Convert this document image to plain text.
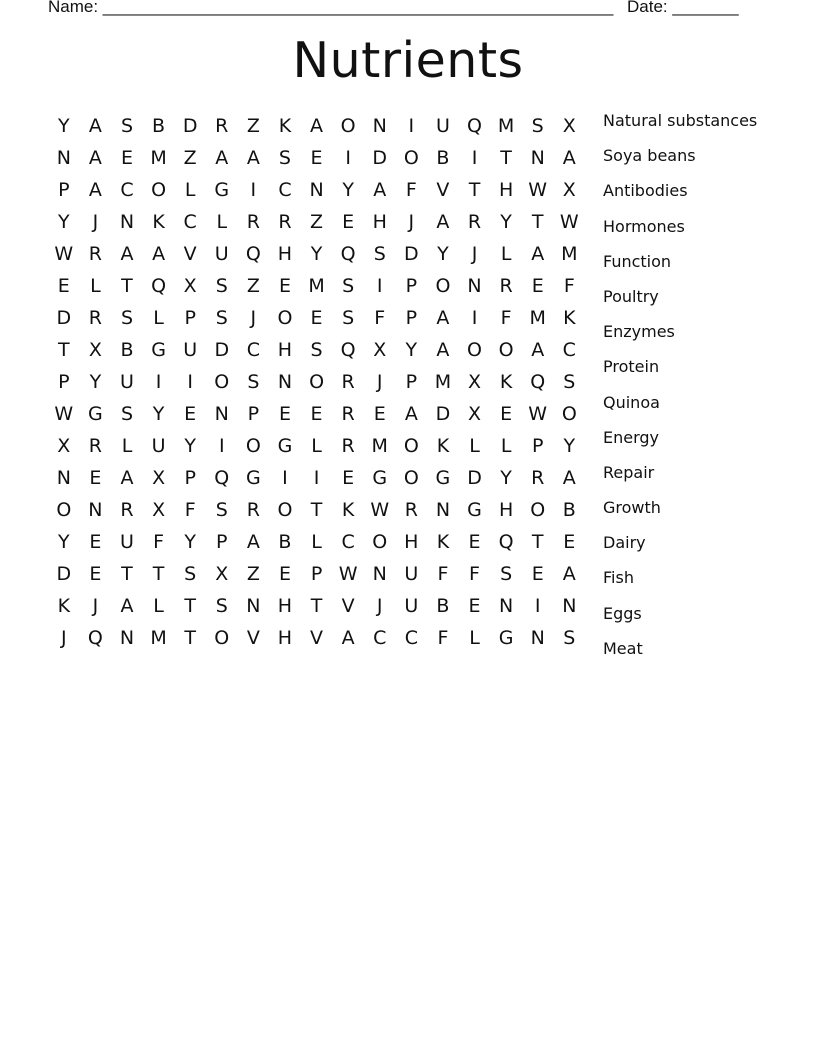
Name: ______________________________________________________ Date: _______
Nutrients
Y	A	S	B D R Z K A O N	I	U Q M S	X
N A	E M Z A A	S	E	I	D O B	I	T N A
P	A C O L G	I	C N Y	A	F	V	T H W X
Y	J	N K C	L	R R Z	E H	J	A R	Y	T W
W R A A V U Q H Y Q S D Y	J	L	A M
E	L	T Q X	S	Z	E M S	I	P O N R E	F
D R S	L	P	S	J	O E	S	F	P	A	I	F M K
T	X B G U D C H S Q X	Y	A O O A C
P	Y U	I	I	O S N O R	J	P M X K Q S
W G S	Y	E N P	E	E R E	A D X	E W O
X R	L	U Y	I	O G L	R M O K	L	L	P	Y
N E	A X	P Q G	I	I	E G O G D Y	R A
O N R X	F	S R O T	K W R N G H O B
Y	E U	F	Y	P	A B	L	C O H K	E Q T	E
D E	T	T	S	X Z	E	P W N U	F	F	S	E	A
K	J	A	L	T	S N H T	V	J	U B	E N	I	N
J	Q N M T O V H V A C C	F	L G N S
Natural substances
Soya beans
Antibodies
Hormones
Function
Poultry
Enzymes
Protein
Quinoa
Energy
Repair
Growth
Dairy
Fish
Eggs
Meat
